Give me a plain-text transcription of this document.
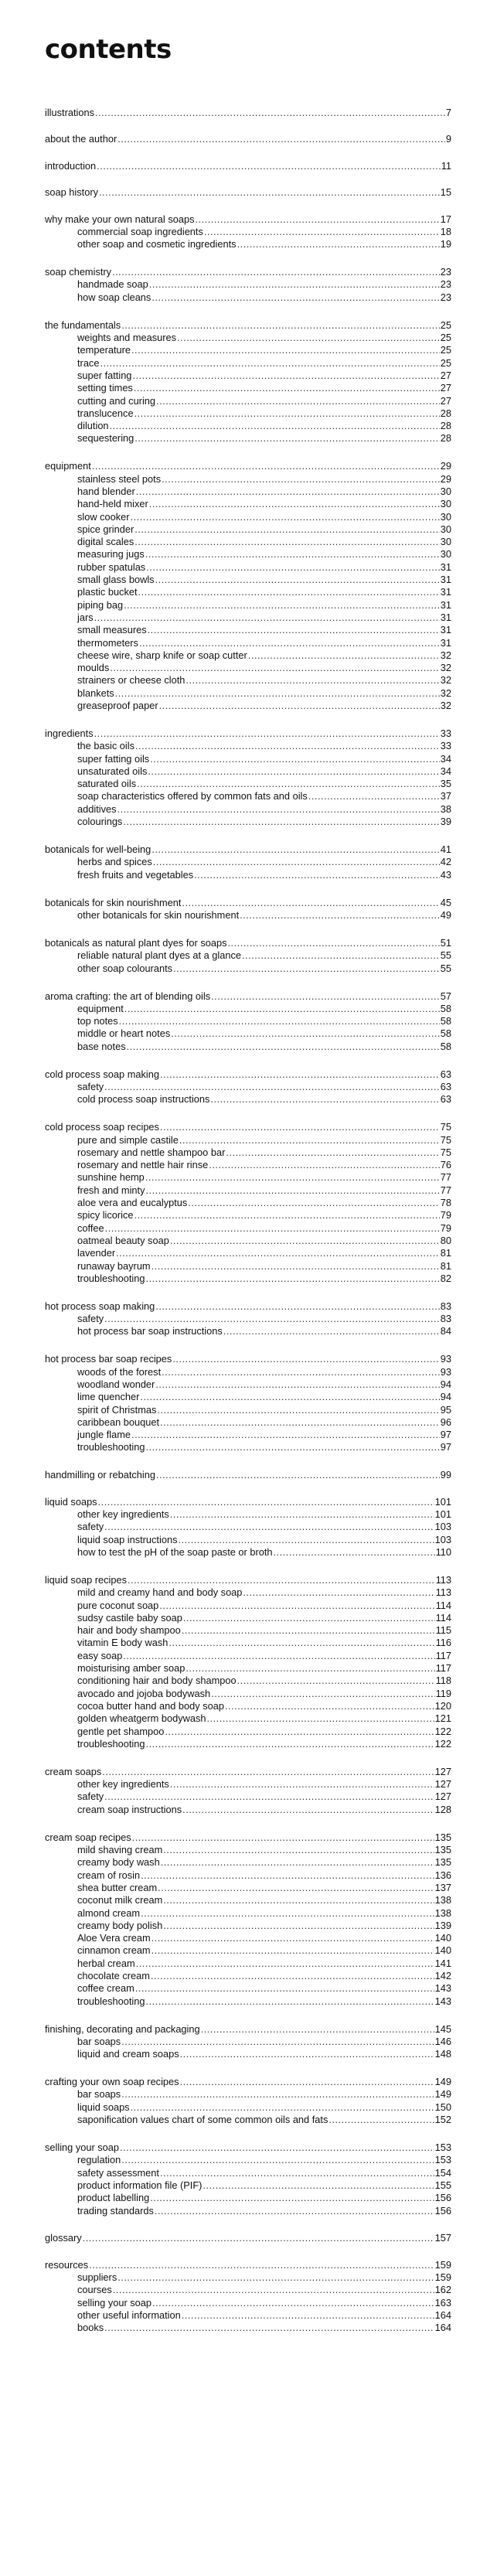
contents
illustrations .....	7
about the author .....	9
introduction .....	11
soap history .....	15
why make your own natural soaps .....	17
commercial soap ingredients .....	18
other soap and cosmetic ingredients .....	19
soap chemistry .....	23
handmade soap .....	23
how soap cleans .....	23
the fundamentals .....	25
weights and measures .....	25
temperature .....	25
trace .....	25
super fatting .....	27
setting times .....	27
cutting and curing .....	27
translucence .....	28
dilution .....	28
sequestering .....	28
equipment .....	29
stainless steel pots .....	29
hand blender .....	30
hand-held mixer .....	30
slow cooker .....	30
spice grinder .....	30
digital scales .....	30
measuring jugs .....	30
rubber spatulas .....	31
small glass bowls .....	31
plastic bucket .....	31
piping bag .....	31
jars .....	31
small measures .....	31
thermometers .....	31
cheese wire, sharp knife or soap cutter .....	32
moulds .....	32
strainers or cheese cloth .....	32
blankets .....	32
greaseproof paper .....	32
ingredients .....	33
the basic oils .....	33
super fatting oils .....	34
unsaturated oils .....	34
saturated oils .....	35
soap characteristics offered by common fats and oils .....	37
additives .....	38
colourings .....	39
botanicals for well-being .....	41
herbs and spices .....	42
fresh fruits and vegetables .....	43
botanicals for skin nourishment .....	45
other botanicals for skin nourishment .....	49
botanicals as natural plant dyes for soaps .....	51
reliable natural plant dyes at a glance .....	55
other soap colourants .....	55
aroma crafting: the art of blending oils .....	57
equipment .....	58
top notes .....	58
middle or heart notes .....	58
base notes .....	58
cold process soap making .....	63
safety .....	63
cold process soap instructions .....	63
cold process soap recipes .....	75
pure and simple castile .....	75
rosemary and nettle shampoo bar .....	75
rosemary and nettle hair rinse .....	76
sunshine hemp .....	77
fresh and minty .....	77
aloe vera and eucalyptus .....	78
spicy licorice .....	79
coffee .....	79
oatmeal beauty soap .....	80
lavender .....	81
runaway bayrum .....	81
troubleshooting .....	82
hot process soap making .....	83
safety .....	83
hot process bar soap instructions .....	84
hot process bar soap recipes .....	93
woods of the forest .....	93
woodland wonder .....	94
lime quencher .....	94
spirit of Christmas .....	95
caribbean bouquet .....	96
jungle flame .....	97
troubleshooting .....	97
handmilling or rebatching .....	99
liquid soaps .....	101
other key ingredients .....	101
safety .....	103
liquid soap instructions .....	103
how to test the pH of the soap paste or broth .....	110
liquid soap recipes .....	113
mild and creamy hand and body soap .....	113
pure coconut soap .....	114
sudsy castile baby soap .....	114
hair and body shampoo .....	115
vitamin E body wash .....	116
easy soap .....	117
moisturising amber soap .....	117
conditioning hair and body shampoo .....	118
avocado and jojoba bodywash .....	119
cocoa butter hand and body soap .....	120
golden wheatgerm bodywash .....	121
gentle pet shampoo .....	122
troubleshooting .....	122
cream soaps .....	127
other key ingredients .....	127
safety .....	127
cream soap instructions .....	128
cream soap recipes .....	135
mild shaving cream .....	135
creamy body wash .....	135
cream of rosin .....	136
shea butter cream .....	137
coconut milk cream .....	138
almond cream .....	138
creamy body polish .....	139
Aloe Vera cream .....	140
cinnamon cream .....	140
herbal cream .....	141
chocolate cream .....	142
coffee cream .....	143
troubleshooting .....	143
finishing, decorating and packaging .....	145
bar soaps .....	146
liquid and cream soaps .....	148
crafting your own soap recipes .....	149
bar soaps .....	149
liquid soaps .....	150
saponification values chart of some common oils and fats .....	152
selling your soap .....	153
regulation .....	153
safety assessment .....	154
product information file (PIF) .....	155
product labelling .....	156
trading standards .....	156
glossary .....	157
resources .....	159
suppliers .....	159
courses .....	162
selling your soap .....	163
other useful information .....	164
books .....	164
